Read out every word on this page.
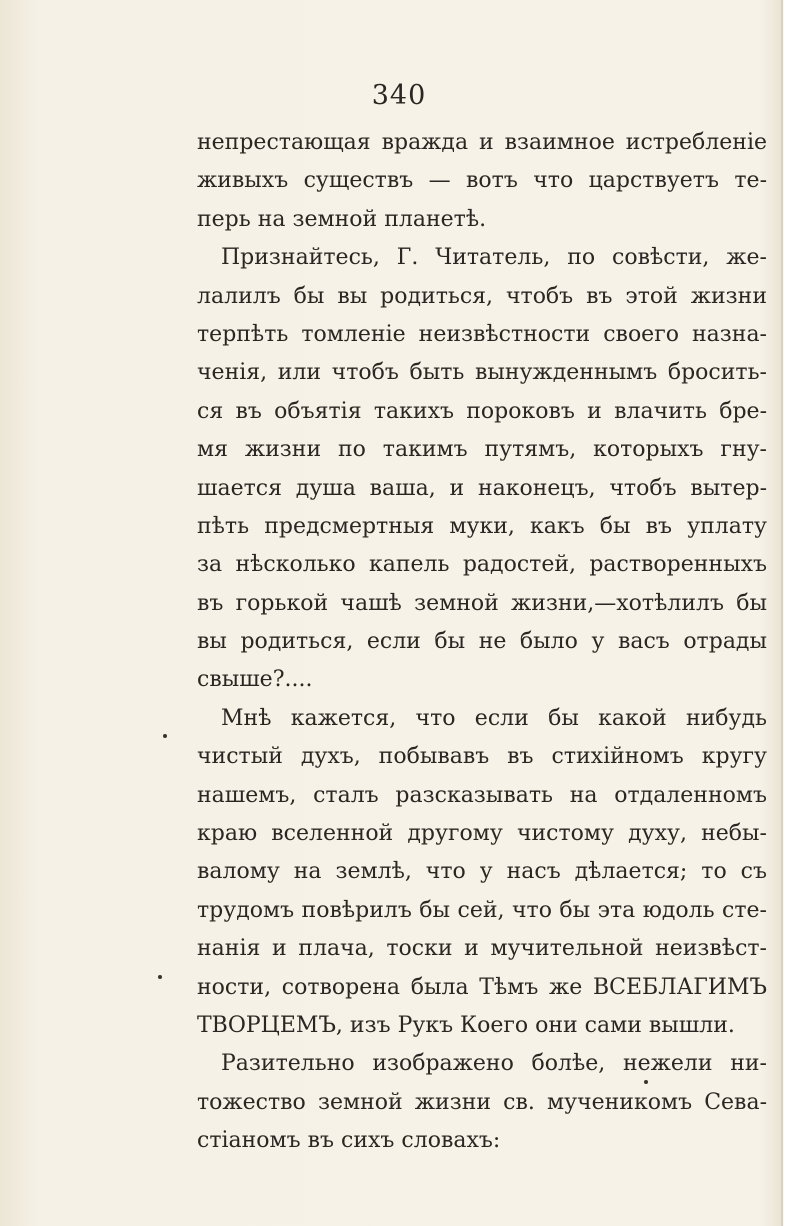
340
непрестающая вражда и взаимное истребленіе
живыхъ существъ — вотъ что царствуетъ те-
перь на земной планетѣ.
Признайтесь, Г. Читатель, по совѣсти, же-
лалилъ бы вы родиться, чтобъ въ этой жизни
терпѣть томленіе неизвѣстности своего назна-
ченія, или чтобъ быть вынужденнымъ бросить-
ся въ объятія такихъ пороковъ и влачить бре-
мя жизни по такимъ путямъ, которыхъ гну-
шается душа ваша, и наконецъ, чтобъ вытер-
пѣть предсмертныя муки, какъ бы въ уплату
за нѣсколько капель радостей, растворенныхъ
въ горькой чашѣ земной жизни,—хотѣлилъ бы
вы родиться, если бы не было у васъ отрады
свыше?....
Мнѣ кажется, что если бы какой нибудь
чистый духъ, побывавъ въ стихійномъ кругу
нашемъ, сталъ разсказывать на отдаленномъ
краю вселенной другому чистому духу, небы-
валому на землѣ, что у насъ дѣлается; то съ
трудомъ повѣрилъ бы сей, что бы эта юдоль сте-
нанія и плача, тоски и мучительной неизвѣст-
ности, сотворена была Тѣмъ же ВСЕБЛАГИМЪ
ТВОРЦЕМЪ, изъ Рукъ Коего они сами вышли.
Разительно изображено болѣе, нежели ни-
тожество земной жизни св. мученикомъ Сева-
стіаномъ въ сихъ словахъ:
